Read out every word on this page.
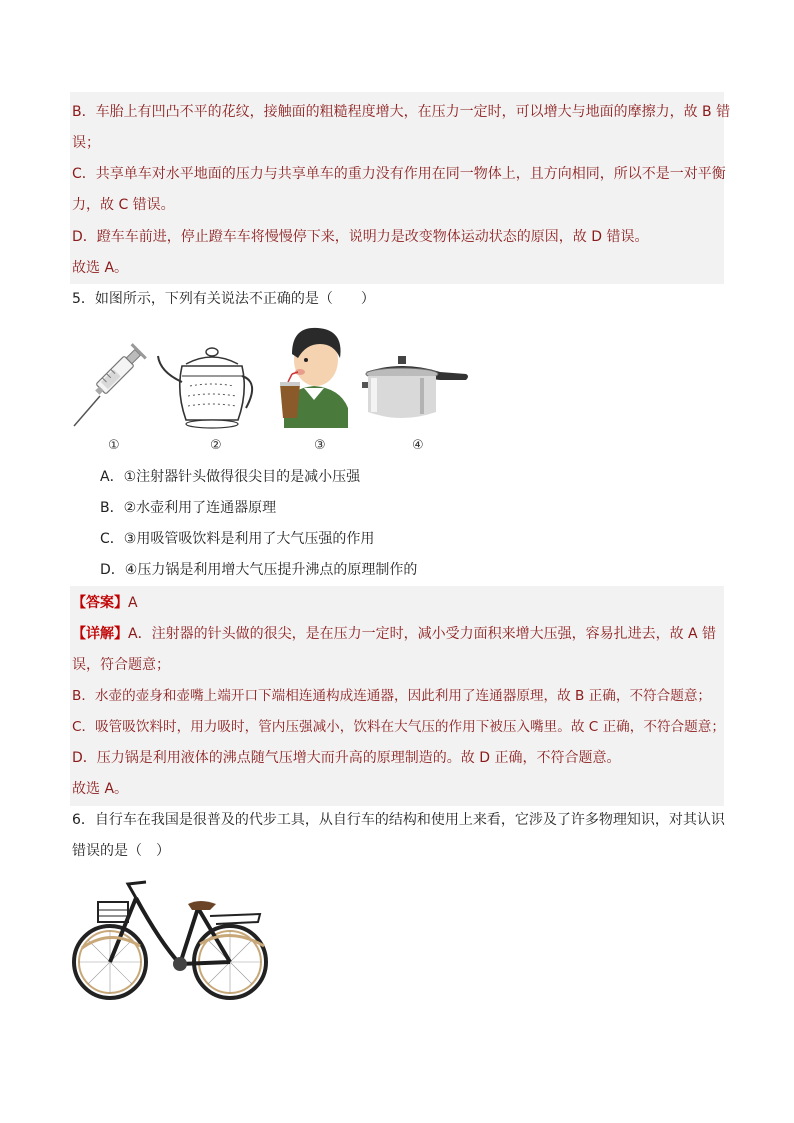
B．车胎上有凹凸不平的花纹，接触面的粗糙程度增大，在压力一定时，可以增大与地面的摩擦力，故 B 错
误；
C．共享单车对水平地面的压力与共享单车的重力没有作用在同一物体上，且方向相同，所以不是一对平衡
力，故 C 错误。
D．蹬车车前进，停止蹬车车将慢慢停下来，说明力是改变物体运动状态的原因，故 D 错误。
故选 A。
5．如图所示，下列有关说法不正确的是（　　）
①	②	③	④
A．①注射器针头做得很尖目的是减小压强
B．②水壶利用了连通器原理
C．③用吸管吸饮料是利用了大气压强的作用
D．④压力锅是利用增大气压提升沸点的原理制作的
【答案】A
【详解】A．注射器的针头做的很尖，是在压力一定时，减小受力面积来增大压强，容易扎进去，故 A 错
误，符合题意；
B．水壶的壶身和壶嘴上端开口下端相连通构成连通器，因此利用了连通器原理，故 B 正确，不符合题意；
C．吸管吸饮料时，用力吸时，管内压强减小，饮料在大气压的作用下被压入嘴里。故 C 正确，不符合题意；
D．压力锅是利用液体的沸点随气压增大而升高的原理制造的。故 D 正确，不符合题意。
故选 A。
6．自行车在我国是很普及的代步工具，从自行车的结构和使用上来看，它涉及了许多物理知识，对其认识
错误的是（　）
